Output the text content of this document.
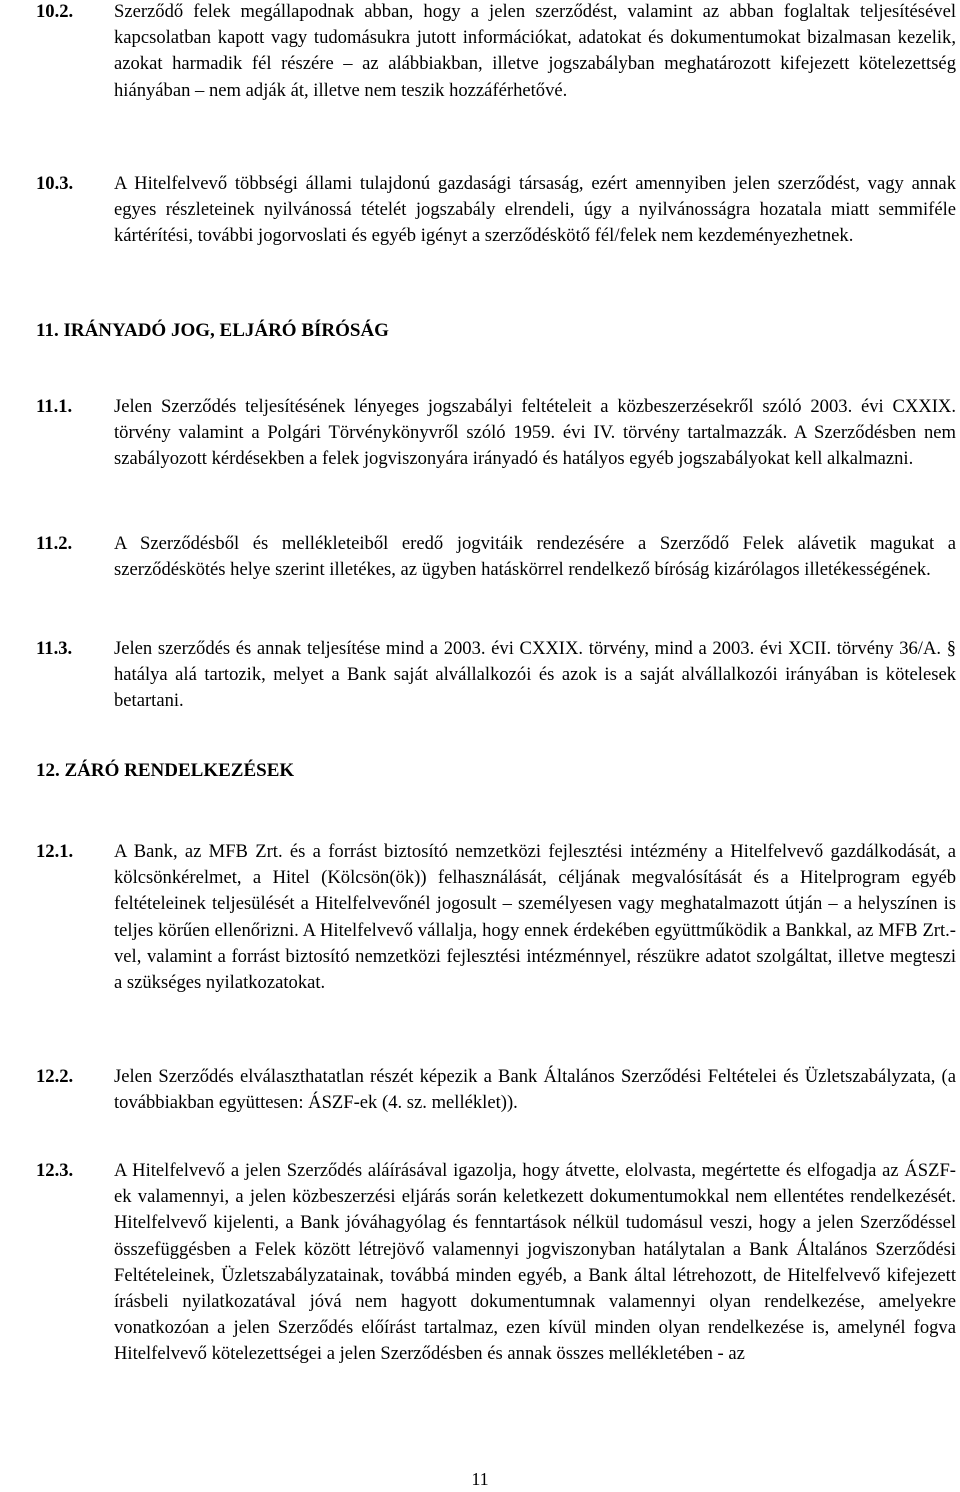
10.2.	Szerződő felek megállapodnak abban, hogy a jelen szerződést, valamint az abban foglaltak teljesítésével kapcsolatban kapott vagy tudomásukra jutott információkat, adatokat és dokumentumokat bizalmasan kezelik, azokat harmadik fél részére – az alábbiakban, illetve jogszabályban meghatározott kifejezett kötelezettség hiányában – nem adják át, illetve nem teszik hozzáférhetővé.
10.3.	A Hitelfelvevő többségi állami tulajdonú gazdasági társaság, ezért amennyiben jelen szerződést, vagy annak egyes részleteinek nyilvánossá tételét jogszabály elrendeli, úgy a nyilvánosságra hozatala miatt semmiféle kártérítési, további jogorvoslati és egyéb igényt a szerződéskötő fél/felek nem kezdeményezhetnek.
11. IRÁNYADÓ JOG, ELJÁRÓ BÍRÓSÁG
11.1.	Jelen Szerződés teljesítésének lényeges jogszabályi feltételeit a közbeszerzésekről szóló 2003. évi CXXIX. törvény valamint a Polgári Törvénykönyvről szóló 1959. évi IV. törvény tartalmazzák. A Szerződésben nem szabályozott kérdésekben a felek jogviszonyára irányadó és hatályos egyéb jogszabályokat kell alkalmazni.
11.2.	A Szerződésből és mellékleteiből eredő jogvitáik rendezésére a Szerződő Felek alávetik magukat a szerződéskötés helye szerint illetékes, az ügyben hatáskörrel rendelkező bíróság kizárólagos illetékességének.
11.3.	Jelen szerződés és annak teljesítése mind a 2003. évi CXXIX. törvény, mind a 2003. évi XCII. törvény 36/A. § hatálya alá tartozik, melyet a Bank saját alvállalkozói és azok is a saját alvállalkozói irányában is kötelesek betartani.
12. ZÁRÓ RENDELKEZÉSEK
12.1.	A Bank, az MFB Zrt. és a forrást biztosító nemzetközi fejlesztési intézmény a Hitelfelvevő gazdálkodását, a kölcsönkérelmet, a Hitel (Kölcsön(ök)) felhasználását, céljának megvalósítását és a Hitelprogram egyéb feltételeinek teljesülését a Hitelfelvevőnél jogosult – személyesen vagy meghatalmazott útján – a helyszínen is teljes körűen ellenőrizni. A Hitelfelvevő vállalja, hogy ennek érdekében együttműködik a Bankkal, az MFB Zrt.-vel, valamint a forrást biztosító nemzetközi fejlesztési intézménnyel, részükre adatot szolgáltat, illetve megteszi a szükséges nyilatkozatokat.
12.2.	Jelen Szerződés elválaszthatatlan részét képezik a Bank Általános Szerződési Feltételei és Üzletszabályzata, (a továbbiakban együttesen: ÁSZF-ek (4. sz. melléklet)).
12.3.	A Hitelfelvevő a jelen Szerződés aláírásával igazolja, hogy átvette, elolvasta, megértette és elfogadja az ÁSZF-ek valamennyi, a jelen közbeszerzési eljárás során keletkezett dokumentumokkal nem ellentétes rendelkezését. Hitelfelvevő kijelenti, a Bank jóváhagyólag és fenntartások nélkül tudomásul veszi, hogy a jelen Szerződéssel összefüggésben a Felek között létrejövő valamennyi jogviszonyban hatálytalan a Bank Általános Szerződési Feltételeinek, Üzletszabályzatainak, továbbá minden egyéb, a Bank által létrehozott, de Hitelfelvevő kifejezett írásbeli nyilatkozatával jóvá nem hagyott dokumentumnak valamennyi olyan rendelkezése, amelyekre vonatkozóan a jelen Szerződés előírást tartalmaz, ezen kívül minden olyan rendelkezése is, amelynél fogva Hitelfelvevő kötelezettségei a jelen Szerződésben és annak összes mellékletében - az
11
